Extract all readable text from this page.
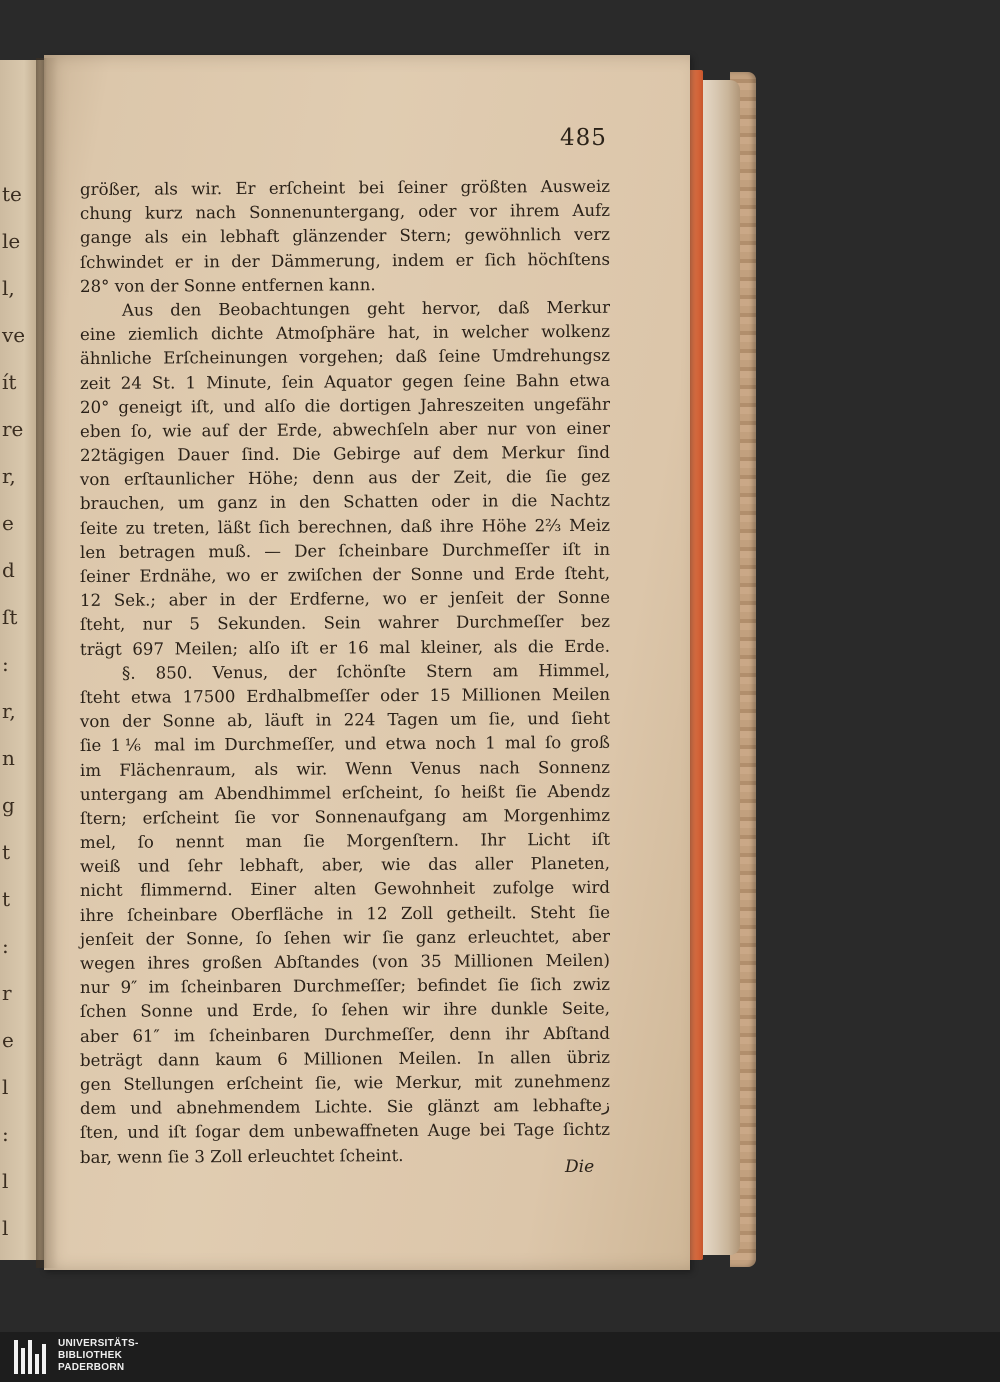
te
le
l,
ve
ít
re
r,
e
d
ſt
:
r,
n
g
t
t
:
r
e
l
:
l
l
485
größer, als wir. Er erſcheint bei ſeiner größten Ausweiz
chung kurz nach Sonnenuntergang, oder vor ihrem Aufz
gange als ein lebhaft glänzender Stern; gewöhnlich verz
ſchwindet er in der Dämmerung, indem er ſich höchſtens
28° von der Sonne entfernen kann.
Aus den Beobachtungen geht hervor, daß Merkur
eine ziemlich dichte Atmoſphäre hat, in welcher wolkenz
ähnliche Erſcheinungen vorgehen; daß ſeine Umdrehungsz
zeit 24 St. 1 Minute, ſein Aquator gegen ſeine Bahn etwa
20° geneigt iſt, und alſo die dortigen Jahreszeiten ungefähr
eben ſo, wie auf der Erde, abwechſeln aber nur von einer
22tägigen Dauer ſind. Die Gebirge auf dem Merkur ſind
von erſtaunlicher Höhe; denn aus der Zeit, die ſie gez
brauchen, um ganz in den Schatten oder in die Nachtz
ſeite zu treten, läßt ſich berechnen, daß ihre Höhe 2⅔ Meiz
len betragen muß. — Der ſcheinbare Durchmeſſer iſt in
ſeiner Erdnähe, wo er zwiſchen der Sonne und Erde ſteht,
12 Sek.; aber in der Erdferne, wo er jenſeit der Sonne
ſteht, nur 5 Sekunden. Sein wahrer Durchmeſſer bez
trägt 697 Meilen; alſo iſt er 16 mal kleiner, als die Erde.
§. 850. Venus, der ſchönſte Stern am Himmel,
ſteht etwa 17500 Erdhalbmeſſer oder 15 Millionen Meilen
von der Sonne ab, läuft in 224 Tagen um ſie, und ſieht
ſie 1⅙ mal im Durchmeſſer, und etwa noch 1 mal ſo groß
im Flächenraum, als wir. Wenn Venus nach Sonnenz
untergang am Abendhimmel erſcheint, ſo heißt ſie Abendz
ſtern; erſcheint ſie vor Sonnenaufgang am Morgenhimz
mel, ſo nennt man ſie Morgenſtern. Ihr Licht iſt
weiß und ſehr lebhaft, aber, wie das aller Planeten,
nicht flimmernd. Einer alten Gewohnheit zufolge wird
ihre ſcheinbare Oberfläche in 12 Zoll getheilt. Steht ſie
jenſeit der Sonne, ſo ſehen wir ſie ganz erleuchtet, aber
wegen ihres großen Abſtandes (von 35 Millionen Meilen)
nur 9″ im ſcheinbaren Durchmeſſer; befindet ſie ſich zwiz
ſchen Sonne und Erde, ſo ſehen wir ihre dunkle Seite,
aber 61″ im ſcheinbaren Durchmeſſer, denn ihr Abſtand
beträgt dann kaum 6 Millionen Meilen. In allen übriz
gen Stellungen erſcheint ſie, wie Merkur, mit zunehmenz
dem und abnehmendem Lichte. Sie glänzt am lebhafteز
ſten, und iſt ſogar dem unbewaffneten Auge bei Tage ſichtz
bar, wenn ſie 3 Zoll erleuchtet ſcheint.
Die
UNIVERSITÄTS-
BIBLIOTHEK
PADERBORN
